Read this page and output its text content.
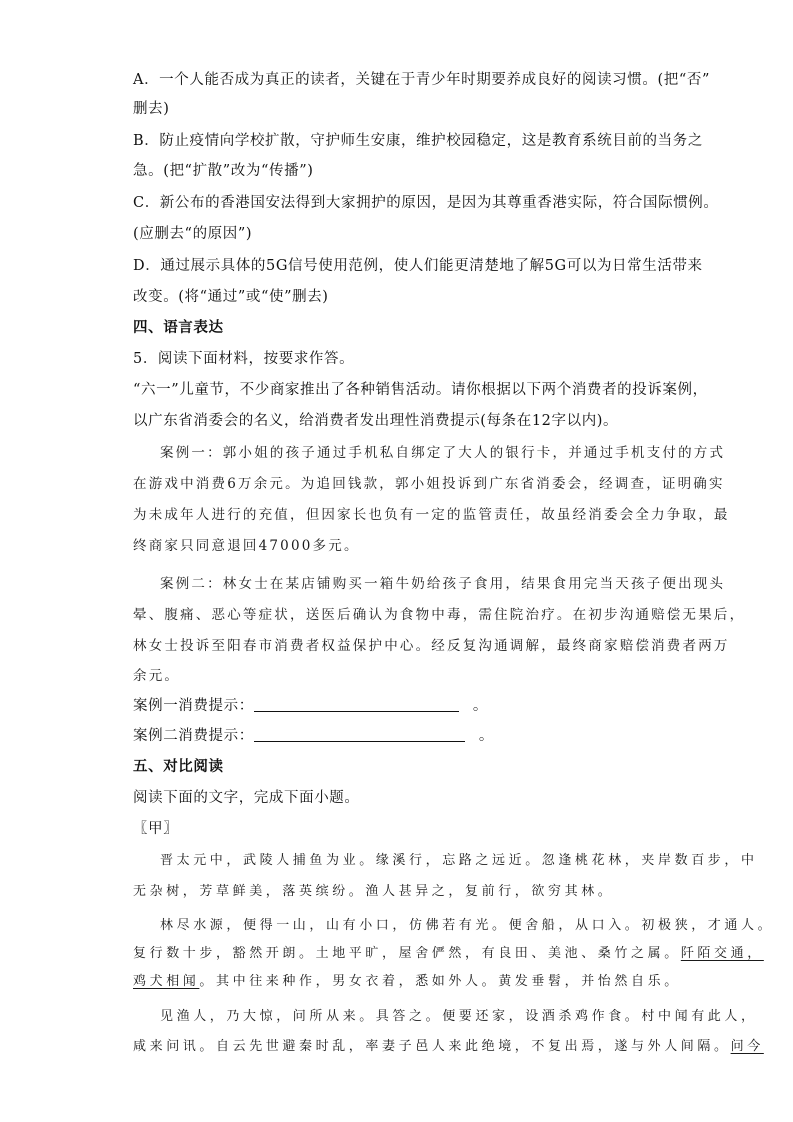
A．一个人能否成为真正的读者，关键在于青少年时期要养成良好的阅读习惯。(把“否”
删去)
B．防止疫情向学校扩散，守护师生安康，维护校园稳定，这是教育系统目前的当务之
急。(把“扩散”改为“传播”)
C．新公布的香港国安法得到大家拥护的原因，是因为其尊重香港实际，符合国际惯例。
(应删去“的原因”)
D．通过展示具体的5G信号使用范例，使人们能更清楚地了解5G可以为日常生活带来
改变。(将“通过”或“使”删去)
四、语言表达
5．阅读下面材料，按要求作答。
“六一”儿童节，不少商家推出了各种销售活动。请你根据以下两个消费者的投诉案例，
以广东省消委会的名义，给消费者发出理性消费提示(每条在12字以内)。
案例一：郭小姐的孩子通过手机私自绑定了大人的银行卡，并通过手机支付的方式
在游戏中消费6万余元。为追回钱款，郭小姐投诉到广东省消委会，经调查，证明确实
为未成年人进行的充值，但因家长也负有一定的监管责任，故虽经消委会全力争取，最
终商家只同意退回47000多元。
案例二：林女士在某店铺购买一箱牛奶给孩子食用，结果食用完当天孩子便出现头
晕、腹痛、恶心等症状，送医后确认为食物中毒，需住院治疗。在初步沟通赔偿无果后，
林女士投诉至阳春市消费者权益保护中心。经反复沟通调解，最终商家赔偿消费者两万
余元。
案例一消费提示：	。
案例二消费提示：	。
五、对比阅读
阅读下面的文字，完成下面小题。
〖甲〗
晋太元中，武陵人捕鱼为业。缘溪行，忘路之远近。忽逢桃花林，夹岸数百步，中
无杂树，芳草鲜美，落英缤纷。渔人甚异之，复前行，欲穷其林。
林尽水源，便得一山，山有小口，仿佛若有光。便舍船，从口入。初极狭，才通人。
复行数十步，豁然开朗。土地平旷，屋舍俨然，有良田、美池、桑竹之属。阡陌交通，
鸡犬相闻。其中往来种作，男女衣着，悉如外人。黄发垂髫，并怡然自乐。
见渔人，乃大惊，问所从来。具答之。便要还家，设酒杀鸡作食。村中闻有此人，
咸来问讯。自云先世避秦时乱，率妻子邑人来此绝境，不复出焉，遂与外人间隔。问今
